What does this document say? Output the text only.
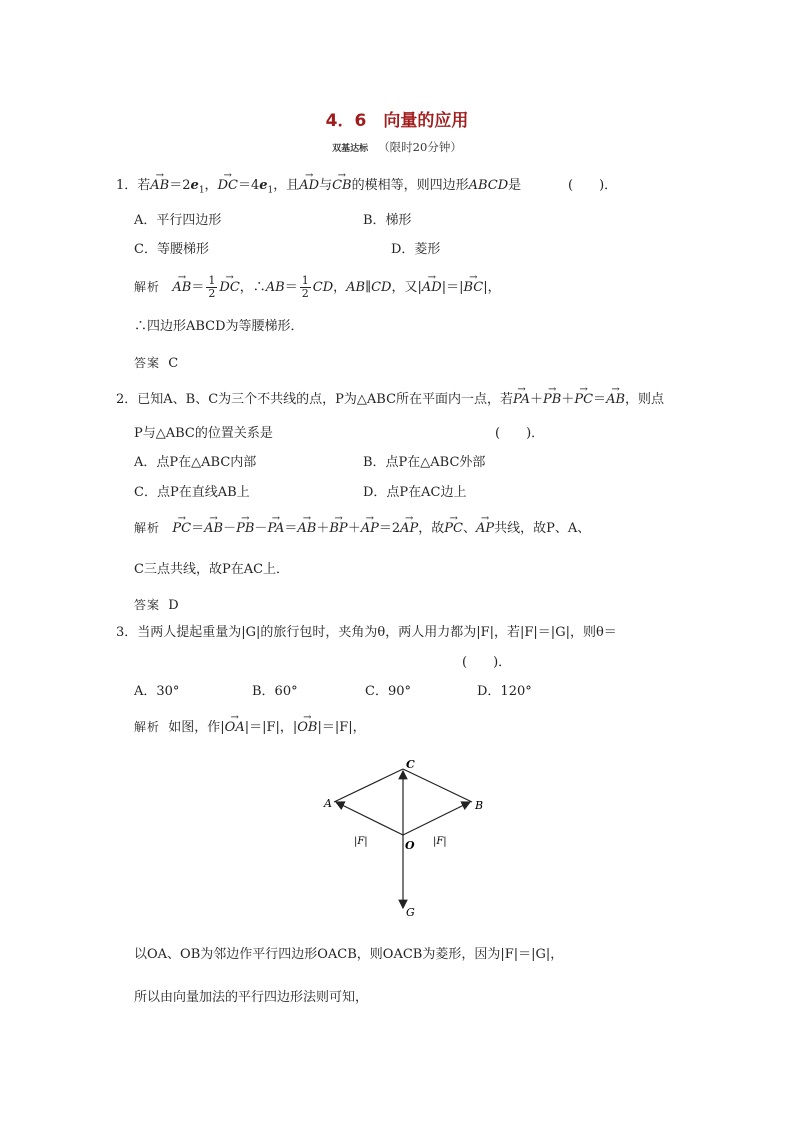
4．6　向量的应用
双基达标 （限时20分钟）
1．若→ $AB=2e_1$，→ $DC=4e_1$，且→ AD与→ CB的模相等，则四边形ABCD是	(　　)．
A．平行四边形	B．梯形
C．等腰梯形	D．菱形
解析 → $AB= \frac{1}{2}$ → DC，∴AB＝ $\frac{1}{2}$ CD，AB∥CD，又|→ AD|＝|→ BC|，
∴四边形ABCD为等腰梯形．
答案 C
2．已知A、B、C为三个不共线的点，P为△ABC所在平面内一点，若→ PA＋→ PB＋→ PC＝→ AB，则点
P与△ABC的位置关系是	(　　)．
A．点P在△ABC内部	B．点P在△ABC外部
C．点P在直线AB上	D．点P在AC边上
解析 → PC＝→ AB－→ PB－→ PA＝→ AB＋→ BP＋→ AP＝2→ AP，故→ PC、→ AP共线，故P、A、
C三点共线，故P在AC上．
答案 D
3．当两人提起重量为|G|的旅行包时，夹角为θ，两人用力都为|F|，若|F|＝|G|，则θ＝
(　　)．
A．30°	B．60°	C．90°	D．120°
解析 如图，作|→ OA|＝|F|，|→ OB|＝|F|，
C
A	B
O
G
|F|	|F|
以OA、OB为邻边作平行四边形OACB，则OACB为菱形，因为|F|＝|G|，
所以由向量加法的平行四边形法则可知，
